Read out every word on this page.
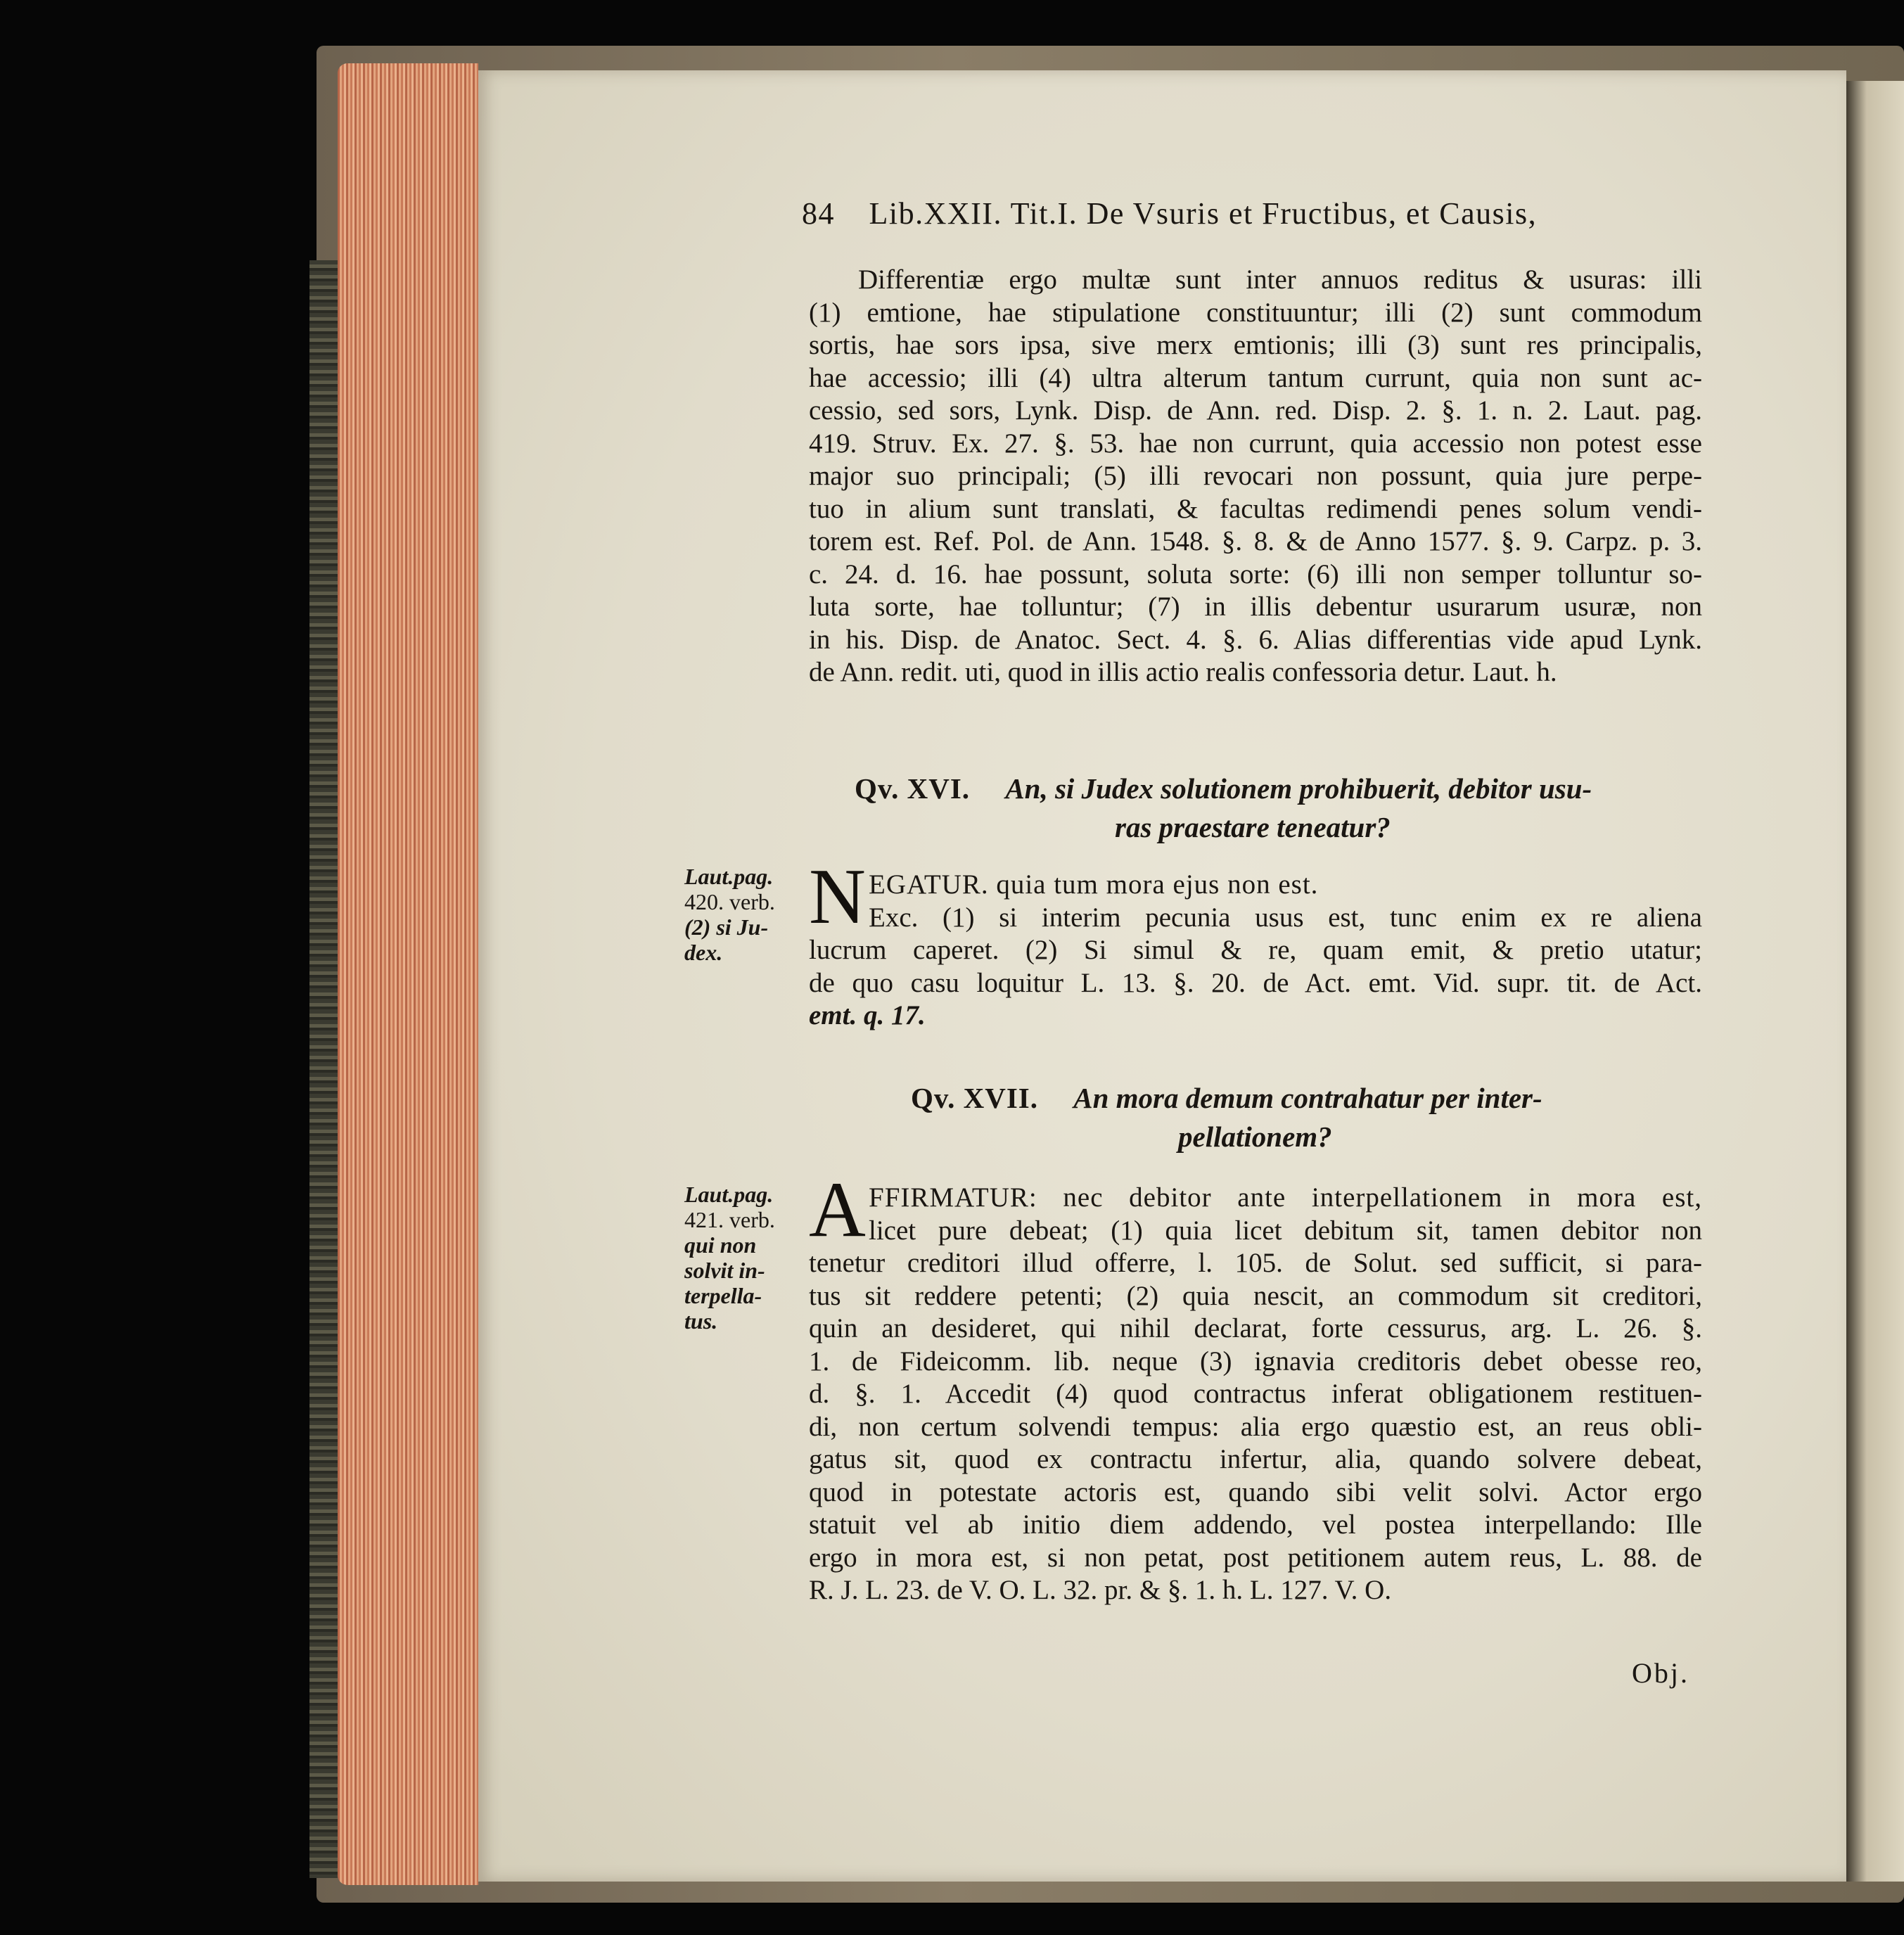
84 Lib.XXII. Tit.I. De Vsuris et Fructibus, et Causis,
Differentiæ ergo multæ sunt inter annuos reditus & usuras: illi
(1) emtione, hae stipulatione constituuntur; illi (2) sunt commodum
sortis, hae sors ipsa, sive merx emtionis; illi (3) sunt res principalis,
hae accessio; illi (4) ultra alterum tantum currunt, quia non sunt ac-
cessio, sed sors, Lynk. Disp. de Ann. red. Disp. 2. §. 1. n. 2. Laut. pag.
419. Struv. Ex. 27. §. 53. hae non currunt, quia accessio non potest esse
major suo principali; (5) illi revocari non possunt, quia jure perpe-
tuo in alium sunt translati, & facultas redimendi penes solum vendi-
torem est. Ref. Pol. de Ann. 1548. §. 8. & de Anno 1577. §. 9. Carpz. p. 3.
c. 24. d. 16. hae possunt, soluta sorte: (6) illi non semper tolluntur so-
luta sorte, hae tolluntur; (7) in illis debentur usurarum usuræ, non
in his. Disp. de Anatoc. Sect. 4. §. 6. Alias differentias vide apud Lynk.
de Ann. redit. uti, quod in illis actio realis confessoria detur. Laut. h.
Qv. XVI. An, si Judex solutionem prohibuerit, debitor usu-
ras praestare teneatur?
Laut.pag.
420. verb.
(2) si Ju-
dex.
N EGATUR. quia tum mora ejus non est.
Exc. (1) si interim pecunia usus est, tunc enim ex re aliena
lucrum caperet. (2) Si simul & re, quam emit, & pretio utatur;
de quo casu loquitur L. 13. §. 20. de Act. emt. Vid. supr. tit. de Act.
emt. q. 17.
Qv. XVII. An mora demum contrahatur per inter-
pellationem?
Laut.pag.
421. verb.
qui non
solvit in-
terpella-
tus.
A FFIRMATUR: nec debitor ante interpellationem in mora est,
licet pure debeat; (1) quia licet debitum sit, tamen debitor non
tenetur creditori illud offerre, l. 105. de Solut. sed sufficit, si para-
tus sit reddere petenti; (2) quia nescit, an commodum sit creditori,
quin an desideret, qui nihil declarat, forte cessurus, arg. L. 26. §.
1. de Fideicomm. lib. neque (3) ignavia creditoris debet obesse reo,
d. §. 1. Accedit (4) quod contractus inferat obligationem restituen-
di, non certum solvendi tempus: alia ergo quæstio est, an reus obli-
gatus sit, quod ex contractu infertur, alia, quando solvere debeat,
quod in potestate actoris est, quando sibi velit solvi. Actor ergo
statuit vel ab initio diem addendo, vel postea interpellando: Ille
ergo in mora est, si non petat, post petitionem autem reus, L. 88. de
R. J. L. 23. de V. O. L. 32. pr. & §. 1. h. L. 127. V. O.
Obj.
